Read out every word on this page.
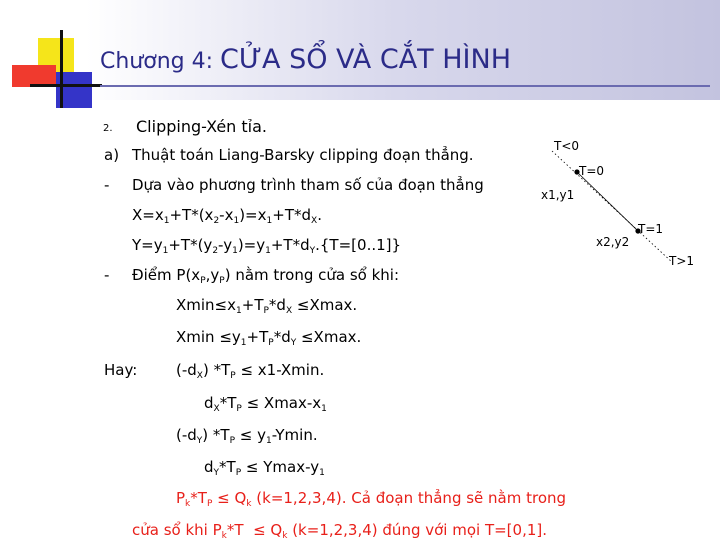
Chương 4: CỬA SỔ VÀ CẮT HÌNH
2. Clipping-Xén tỉa.
a) Thuật toán Liang-Barsky clipping đoạn thẳng.
- Dựa vào phương trình tham số của đoạn thẳng
$X=x_1+T*(x_2-x_1)=x_1+T*d_X$.
$Y=y_1+T*(y_2-y_1)=y_1+T*d_Y.\{T=[0..1]\}$
- Điểm $P(x_P,y_P)$ nằm trong cửa sổ khi:
$Xmin\le x_1+T_P*d_X \le Xmax$.
$Xmin \le y_1+T_P*d_Y \le Xmax$.
Hay:	$(-d_X) *T_P \le x1-Xmin$.
$d_X*T_P \le Xmax-x_1$
$(-d_Y) *T_P \le y_1-Ymin$.
$d_Y*T_P \le Ymax-y_1$
$P_k*T_P \le Q_k$ (k=1,2,3,4). Cả đoạn thẳng sẽ nằm trong
cửa sổ khi $P_k*T \le Q_k$ (k=1,2,3,4) đúng với mọi T=[0,1].
T<0
T=0
x1,y1
T=1
x2,y2
T>1
